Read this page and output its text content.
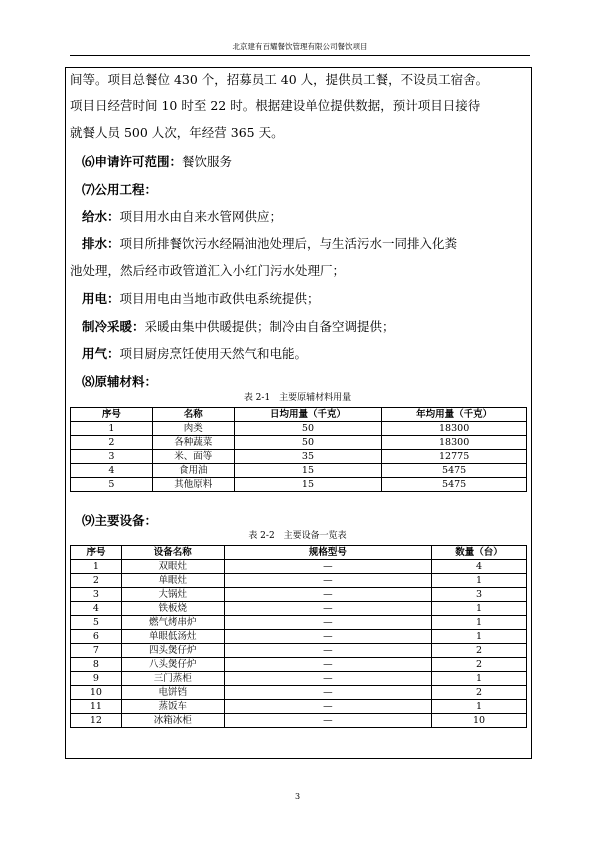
北京建有百耀餐饮管理有限公司餐饮项目
间等。项目总餐位 430 个，招募员工 40 人，提供员工餐，不设员工宿舍。
项目日经营时间 10 时至 22 时。根据建设单位提供数据，预计项目日接待
就餐人员 500 人次，年经营 365 天。
⑹申请许可范围：餐饮服务
⑺公用工程：
给水：项目用水由自来水管网供应；
排水：项目所排餐饮污水经隔油池处理后，与生活污水一同排入化粪
池处理，然后经市政管道汇入小红门污水处理厂；
用电：项目用电由当地市政供电系统提供；
制冷采暖：采暖由集中供暖提供；制冷由自备空调提供；
用气：项目厨房烹饪使用天然气和电能。
⑻原辅材料：
表 2-1　主要原辅材料用量
序号	名称	日均用量（千克）	年均用量（千克）
1	肉类	50	18300
2	各种蔬菜	50	18300
3	米、面等	35	12775
4	食用油	15	5475
5	其他原料	15	5475
⑼主要设备：
表 2-2　主要设备一览表
序号	设备名称	规格型号	数量（台）
1	双眼灶	—	4
2	单眼灶	—	1
3	大锅灶	—	3
4	铁板烧	—	1
5	燃气烤串炉	—	1
6	单眼低汤灶	—	1
7	四头煲仔炉	—	2
8	八头煲仔炉	—	2
9	三门蒸柜	—	1
10	电饼铛	—	2
11	蒸饭车	—	1
12	冰箱冰柜	—	10
3
